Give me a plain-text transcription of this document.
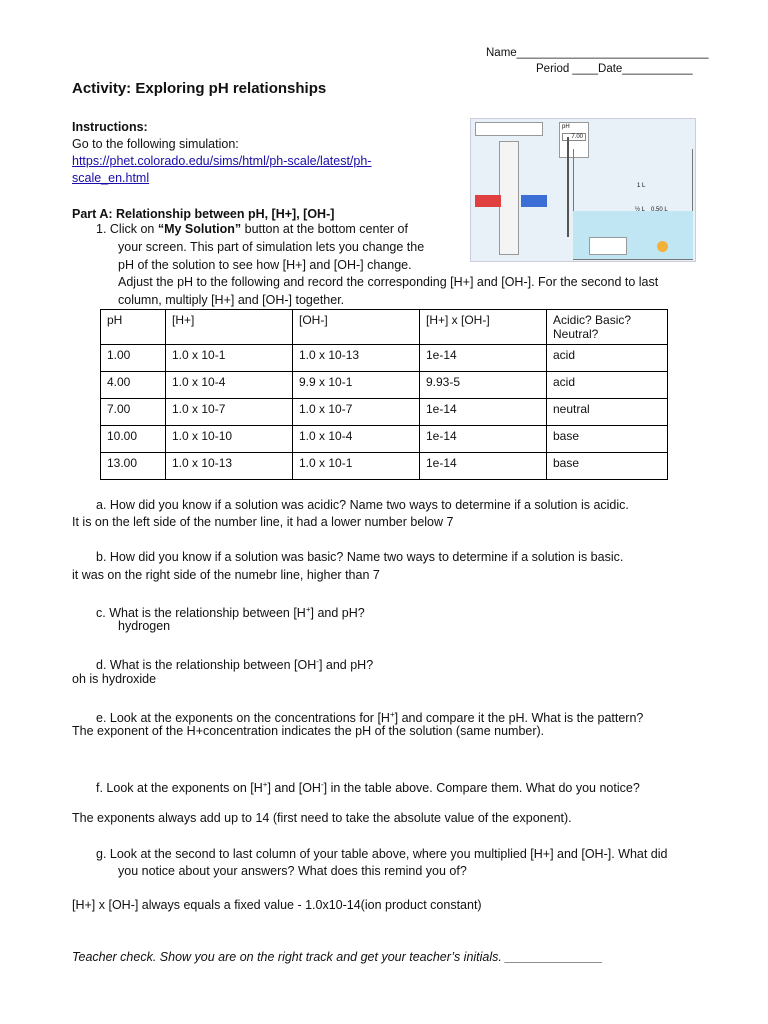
Name______________________________
Period ____Date___________
Activity: Exploring pH relationships
Instructions:
Go to the following simulation:
https://phet.colorado.edu/sims/html/ph-scale/latest/ph-
scale_en.html
pH
7.00
1 L
½ L 0.50 L
Part A: Relationship between pH, [H+], [OH-]
1. Click on “My Solution” button at the bottom center of
your screen. This part of simulation lets you change the
pH of the solution to see how [H+] and [OH-] change.
Adjust the pH to the following and record the corresponding [H+] and [OH-]. For the second to last
column, multiply [H+] and [OH-] together.
pH	[H+]	[OH-]	[H+] x [OH-]	Acidic? Basic?
Neutral?
1.00	1.0 x 10-1	1.0 x 10-13	1e-14	acid
4.00	1.0 x 10-4	9.9 x 10-1	9.93-5	acid
7.00	1.0 x 10-7	1.0 x 10-7	1e-14	neutral
10.00	1.0 x 10-10	1.0 x 10-4	1e-14	base
13.00	1.0 x 10-13	1.0 x 10-1	1e-14	base
a. How did you know if a solution was acidic? Name two ways to determine if a solution is acidic.
It is on the left side of the number line, it had a lower number below 7
b. How did you know if a solution was basic? Name two ways to determine if a solution is basic.
it was on the right side of the numebr line, higher than 7
c. What is the relationship between [H+] and pH?
hydrogen
d. What is the relationship between [OH-] and pH?
oh is hydroxide
e. Look at the exponents on the concentrations for [H+] and compare it the pH. What is the pattern?
The exponent of the H+concentration indicates the pH of the solution (same number).
f. Look at the exponents on [H+] and [OH-] in the table above. Compare them. What do you notice?
The exponents always add up to 14 (first need to take the absolute value of the exponent).
g. Look at the second to last column of your table above, where you multiplied [H+] and [OH-]. What did
you notice about your answers? What does this remind you of?
[H+] x [OH-] always equals a fixed value - 1.0x10-14(ion product constant)
Teacher check. Show you are on the right track and get your teacher’s initials. ______________
